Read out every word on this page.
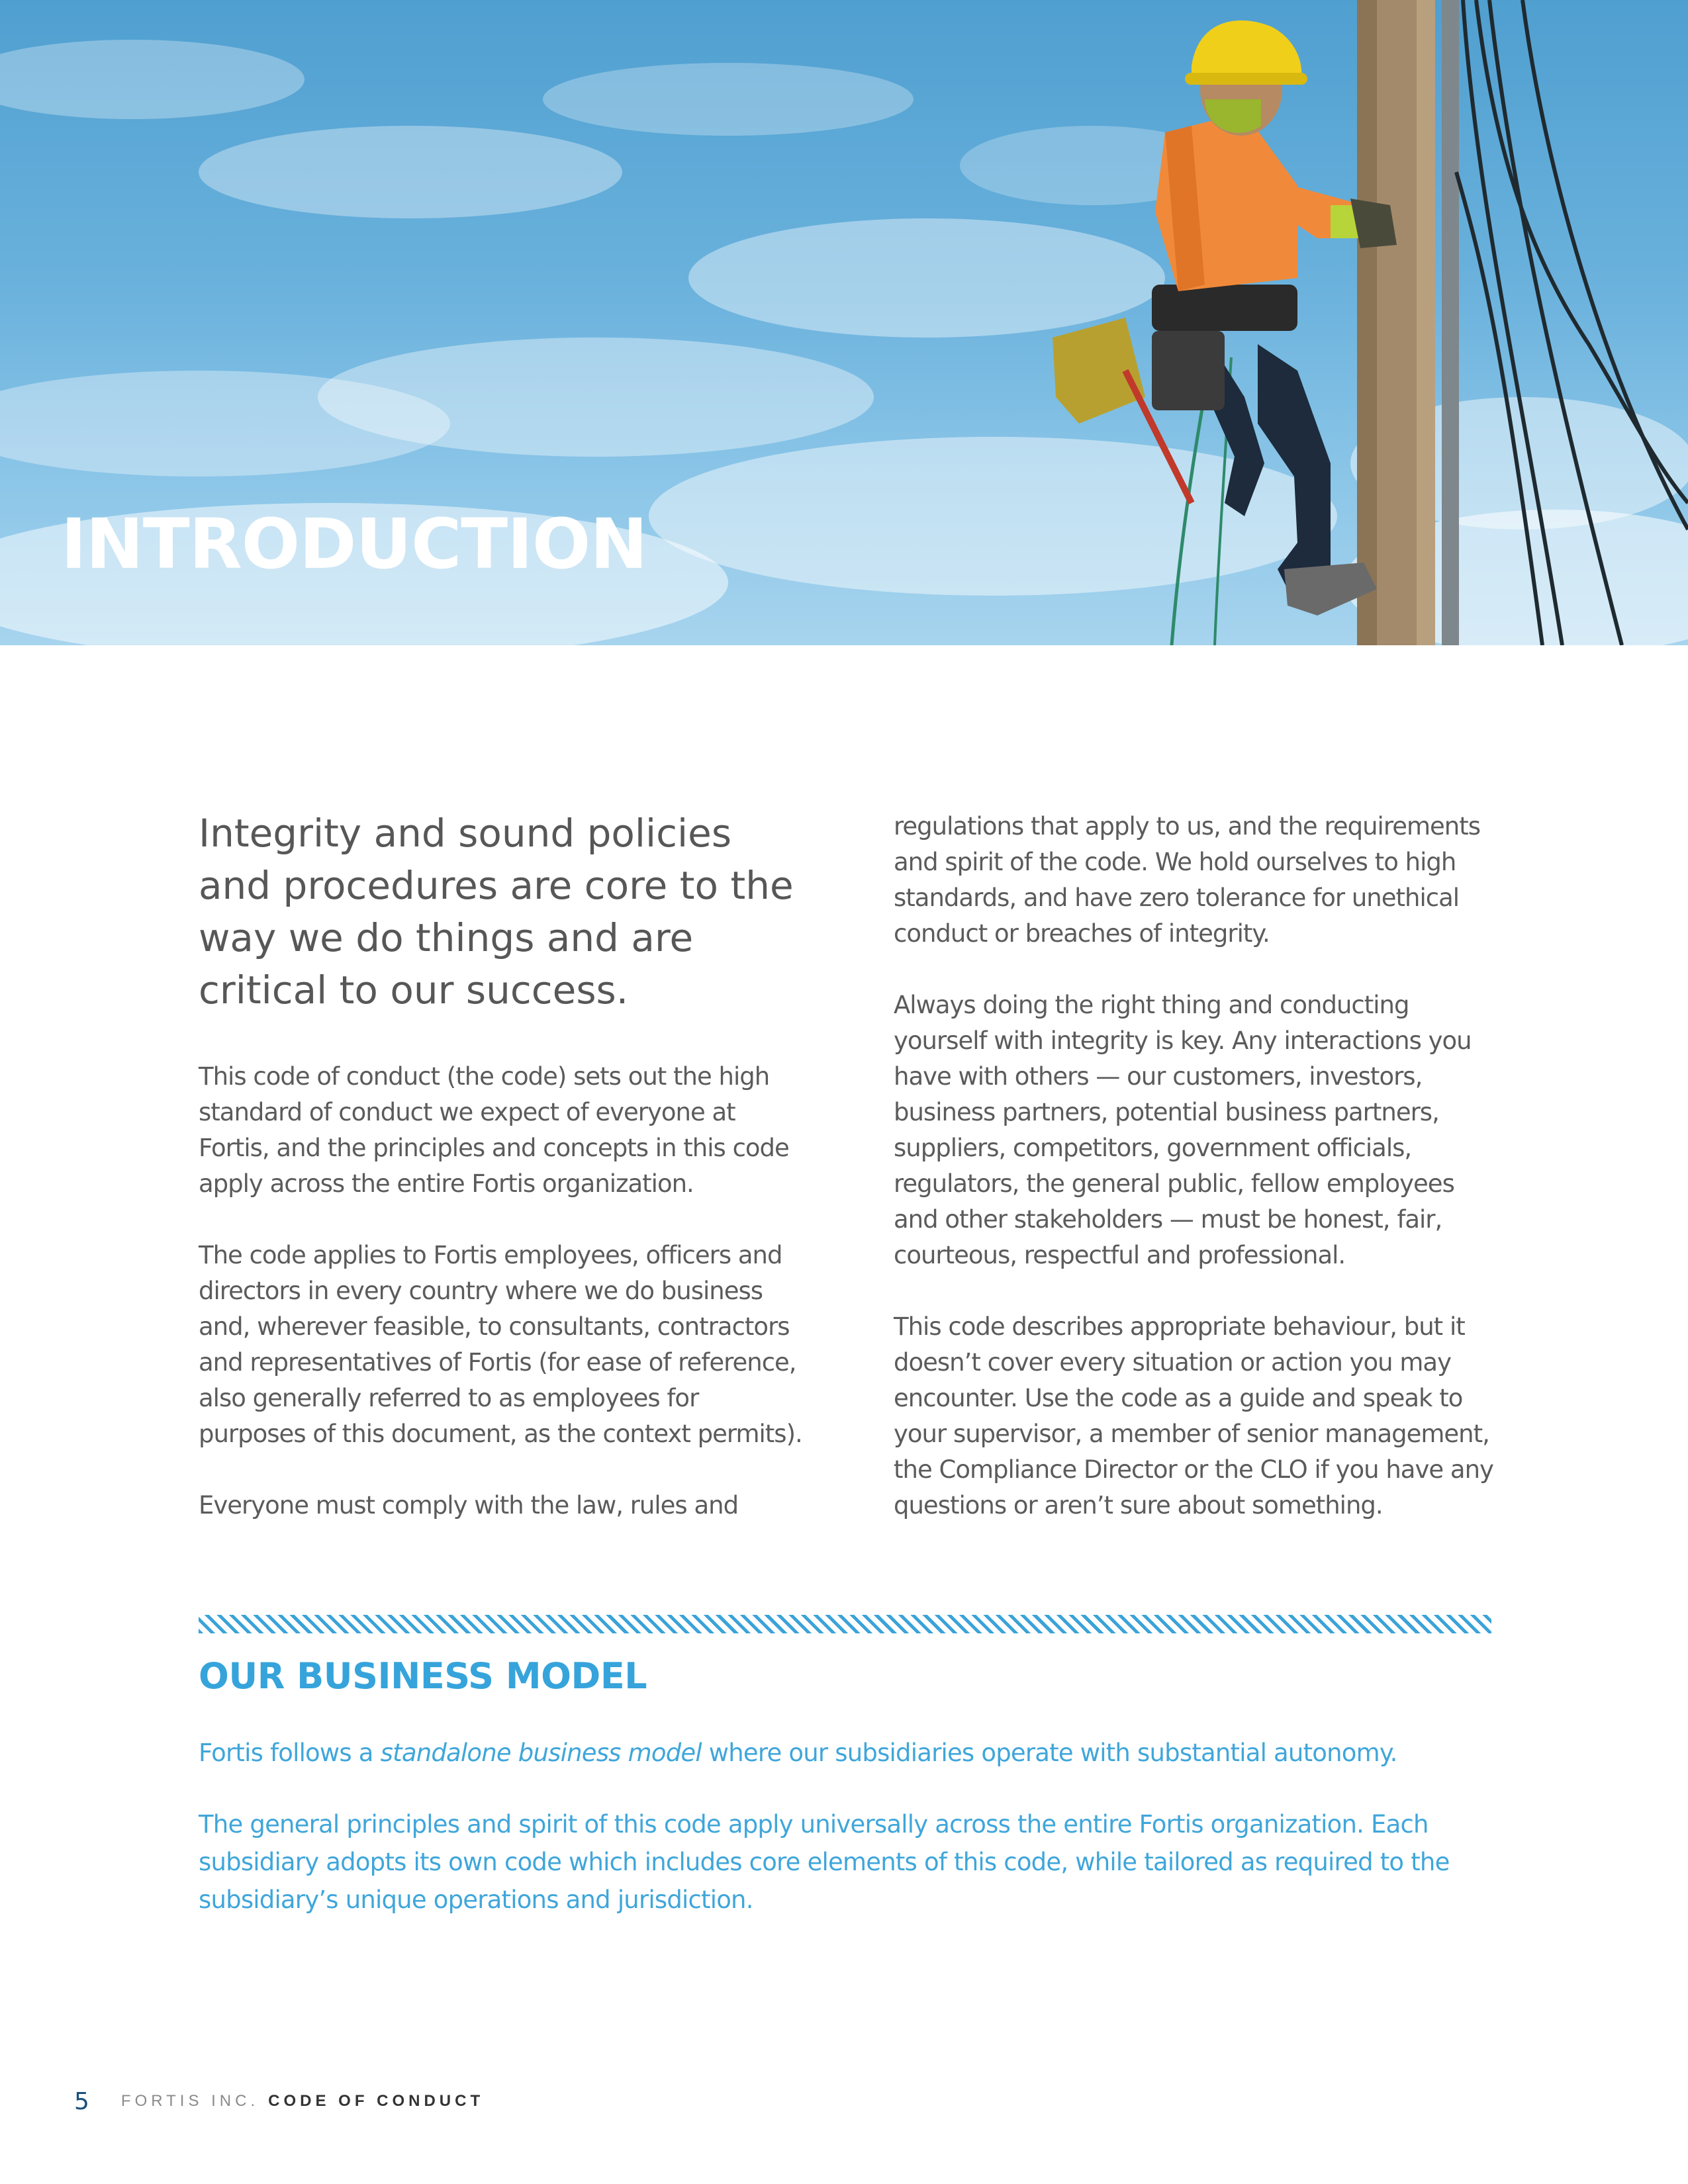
INTRODUCTION

Integrity and sound policies and procedures are core to the way we do things and are critical to our success.

This code of conduct (the code) sets out the high standard of conduct we expect of everyone at Fortis, and the principles and concepts in this code apply across the entire Fortis organization.

The code applies to Fortis employees, officers and directors in every country where we do business and, wherever feasible, to consultants, contractors and representatives of Fortis (for ease of reference, also generally referred to as employees for purposes of this document, as the context permits).

Everyone must comply with the law, rules and

regulations that apply to us, and the requirements and spirit of the code. We hold ourselves to high standards, and have zero tolerance for unethical conduct or breaches of integrity.

Always doing the right thing and conducting yourself with integrity is key. Any interactions you have with others — our customers, investors, business partners, potential business partners, suppliers, competitors, government officials, regulators, the general public, fellow employees and other stakeholders — must be honest, fair, courteous, respectful and professional.

This code describes appropriate behaviour, but it doesn’t cover every situation or action you may encounter. Use the code as a guide and speak to your supervisor, a member of senior management, the Compliance Director or the CLO if you have any questions or aren’t sure about something.

OUR BUSINESS MODEL

Fortis follows a standalone business model where our subsidiaries operate with substantial autonomy.

The general principles and spirit of this code apply universally across the entire Fortis organization. Each subsidiary adopts its own code which includes core elements of this code, while tailored as required to the subsidiary’s unique operations and jurisdiction.

5 FORTIS INC. CODE OF CONDUCT
